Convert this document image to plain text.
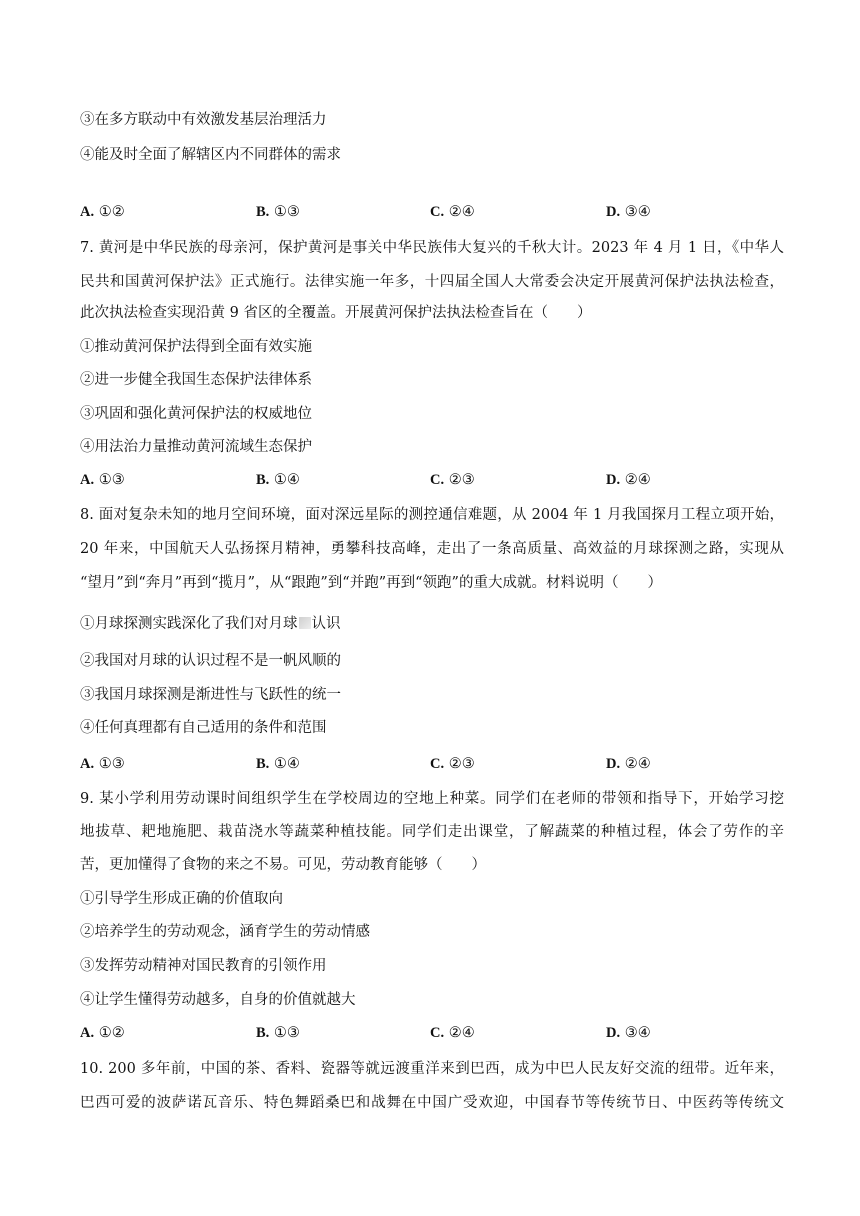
③在多方联动中有效激发基层治理活力
④能及时全面了解辖区内不同群体的需求
A. ①②	B. ①③	C. ②④	D. ③④
7. 黄河是中华民族的母亲河，保护黄河是事关中华民族伟大复兴的千秋大计。2023 年 4 月 1 日，《中华人
民共和国黄河保护法》正式施行。法律实施一年多，十四届全国人大常委会决定开展黄河保护法执法检查，
此次执法检查实现沿黄 9 省区的全覆盖。开展黄河保护法执法检查旨在（　　）
①推动黄河保护法得到全面有效实施
②进一步健全我国生态保护法律体系
③巩固和强化黄河保护法的权威地位
④用法治力量推动黄河流域生态保护
A. ①③	B. ①④	C. ②③	D. ②④
8. 面对复杂未知的地月空间环境，面对深远星际的测控通信难题，从 2004 年 1 月我国探月工程立项开始，
20 年来，中国航天人弘扬探月精神，勇攀科技高峰，走出了一条高质量、高效益的月球探测之路，实现从
“望月”到“奔月”再到“揽月”，从“跟跑”到“并跑”再到“领跑”的重大成就。材料说明（　　）
①月球探测实践深化了我们对月球 认识
②我国对月球的认识过程不是一帆风顺的
③我国月球探测是渐进性与飞跃性的统一
④任何真理都有自己适用的条件和范围
A. ①③	B. ①④	C. ②③	D. ②④
9. 某小学利用劳动课时间组织学生在学校周边的空地上种菜。同学们在老师的带领和指导下，开始学习挖
地拔草、耙地施肥、栽苗浇水等蔬菜种植技能。同学们走出课堂，了解蔬菜的种植过程，体会了劳作的辛
苦，更加懂得了食物的来之不易。可见，劳动教育能够（　　）
①引导学生形成正确的价值取向
②培养学生的劳动观念，涵育学生的劳动情感
③发挥劳动精神对国民教育的引领作用
④让学生懂得劳动越多，自身的价值就越大
A. ①②	B. ①③	C. ②④	D. ③④
10. 200 多年前，中国的茶、香料、瓷器等就远渡重洋来到巴西，成为中巴人民友好交流的纽带。近年来，
巴西可爱的波萨诺瓦音乐、特色舞蹈桑巴和战舞在中国广受欢迎，中国春节等传统节日、中医药等传统文
